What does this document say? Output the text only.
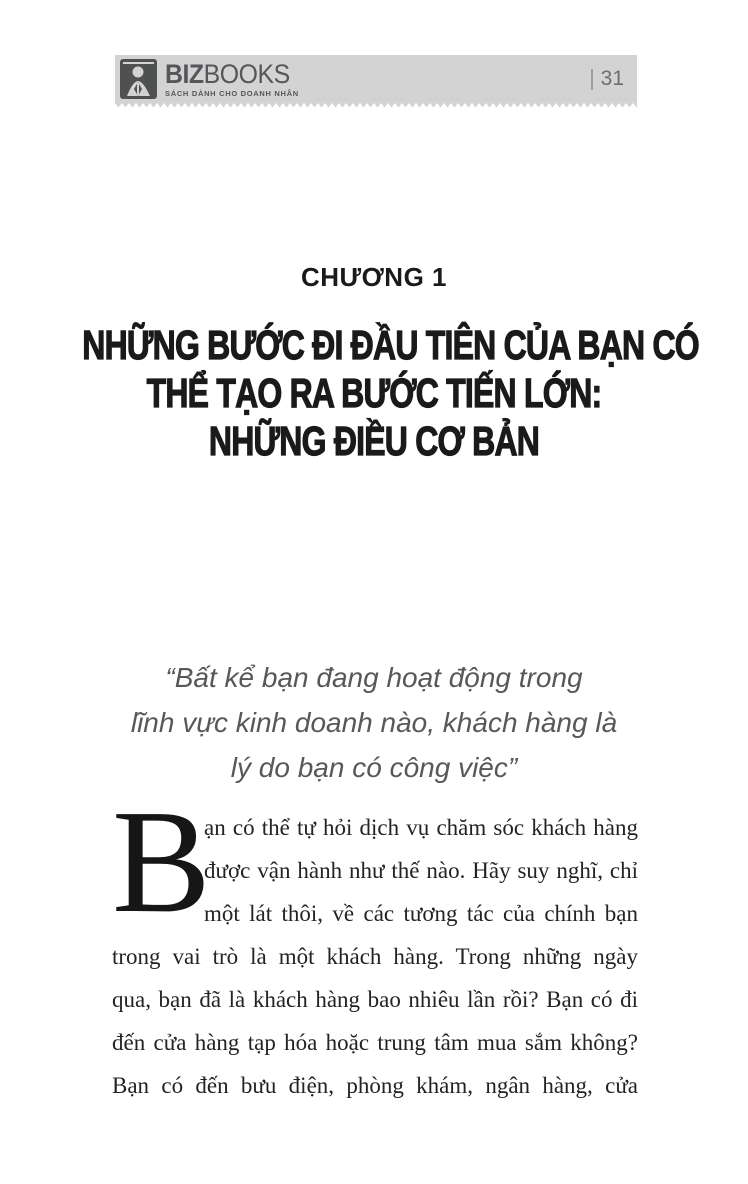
BIZBOOKS
SÁCH DÀNH CHO DOANH NHÂN
31
CHƯƠNG 1
NHỮNG BƯỚC ĐI ĐẦU TIÊN CỦA BẠN CÓ
THỂ TẠO RA BƯỚC TIẾN LỚN:
NHỮNG ĐIỀU CƠ BẢN
“Bất kể bạn đang hoạt động trong
lĩnh vực kinh doanh nào, khách hàng là
lý do bạn có công việc”
B
ạn có thể tự hỏi dịch vụ chăm sóc khách hàng
được vận hành như thế nào. Hãy suy nghĩ, chỉ
một lát thôi, về các tương tác của chính bạn
trong vai trò là một khách hàng. Trong những ngày
qua, bạn đã là khách hàng bao nhiêu lần rồi? Bạn có đi
đến cửa hàng tạp hóa hoặc trung tâm mua sắm không?
Bạn có đến bưu điện, phòng khám, ngân hàng, cửa
